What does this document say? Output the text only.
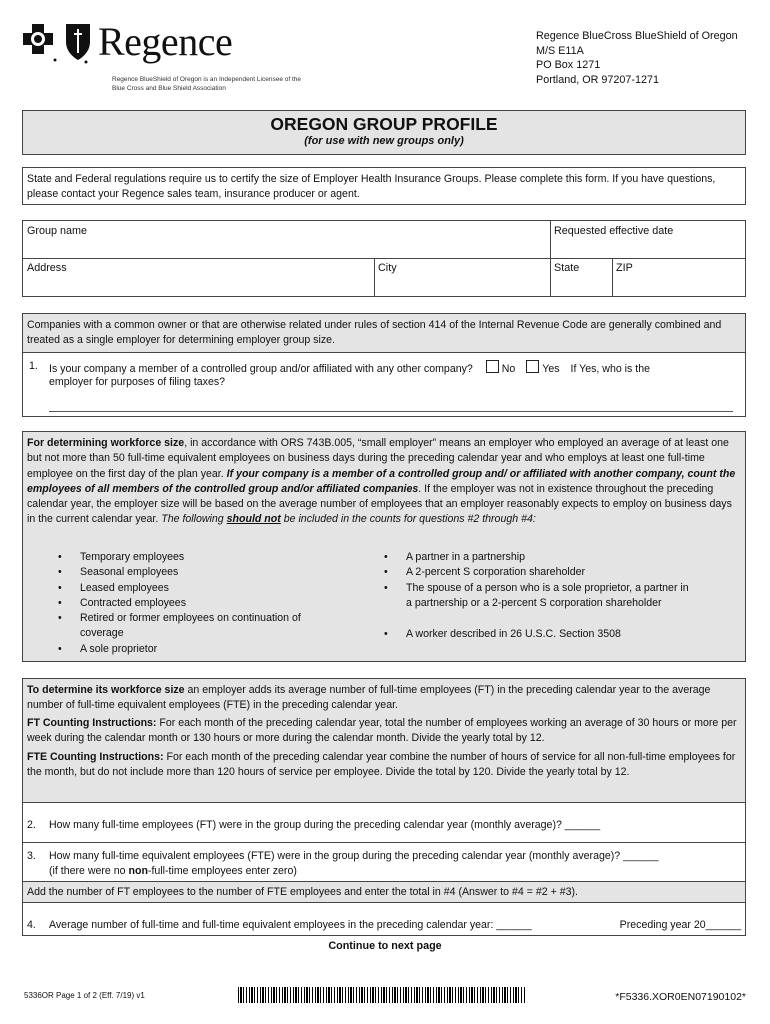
Regence
Regence BlueShield of Oregon is an Independent Licensee of the Blue Cross and Blue Shield Association
Regence BlueCross BlueShield of Oregon
M/S E11A
PO Box 1271
Portland, OR 97207-1271
OREGON GROUP PROFILE
(for use with new groups only)
State and Federal regulations require us to certify the size of Employer Health Insurance Groups. Please complete this form. If you have questions, please contact your Regence sales team, insurance producer or agent.
Group name	Requested effective date
Address	City	State	ZIP
Companies with a common owner or that are otherwise related under rules of section 414 of the Internal Revenue Code are generally combined and treated as a single employer for determining employer group size.
1. Is your company a member of a controlled group and/or affiliated with any other company?	No	Yes If Yes, who is the
employer for purposes of filing taxes?
For determining workforce size, in accordance with ORS 743B.005, “small employer” means an employer who employed an average of at least one but not more than 50 full-time equivalent employees on business days during the preceding calendar year and who employs at least one full-time employee on the first day of the plan year. If your company is a member of a controlled group and/ or affiliated with another company, count the employees of all members of the controlled group and/or affiliated companies. If the employer was not in existence throughout the preceding calendar year, the employer size will be based on the average number of employees that an employer reasonably expects to employ on business days in the current calendar year. The following should not be included in the counts for questions #2 through #4:
• Temporary employees
• Seasonal employees
• Leased employees
• Contracted employees
• Retired or former employees on continuation of coverage
• A sole proprietor
• A partner in a partnership
• A 2-percent S corporation shareholder
• The spouse of a person who is a sole proprietor, a partner in a partnership or a 2-percent S corporation shareholder
• A worker described in 26 U.S.C. Section 3508
To determine its workforce size an employer adds its average number of full-time employees (FT) in the preceding calendar year to the average number of full-time equivalent employees (FTE) in the preceding calendar year.
FT Counting Instructions: For each month of the preceding calendar year, total the number of employees working an average of 30 hours or more per week during the calendar month or 130 hours or more during the calendar month. Divide the yearly total by 12.
FTE Counting Instructions: For each month of the preceding calendar year combine the number of hours of service for all non-full-time employees for the month, but do not include more than 120 hours of service per employee. Divide the total by 120. Divide the yearly total by 12.
2. How many full-time employees (FT) were in the group during the preceding calendar year (monthly average)? ______
3. How many full-time equivalent employees (FTE) were in the group during the preceding calendar year (monthly average)? ______
(if there were no non-full-time employees enter zero)
Add the number of FT employees to the number of FTE employees and enter the total in #4 (Answer to #4 = #2 + #3).
4. Average number of full-time and full-time equivalent employees in the preceding calendar year: ______	Preceding year 20______
Continue to next page
5336OR Page 1 of 2 (Eff. 7/19) v1	*F5336.XOR0EN07190102*
